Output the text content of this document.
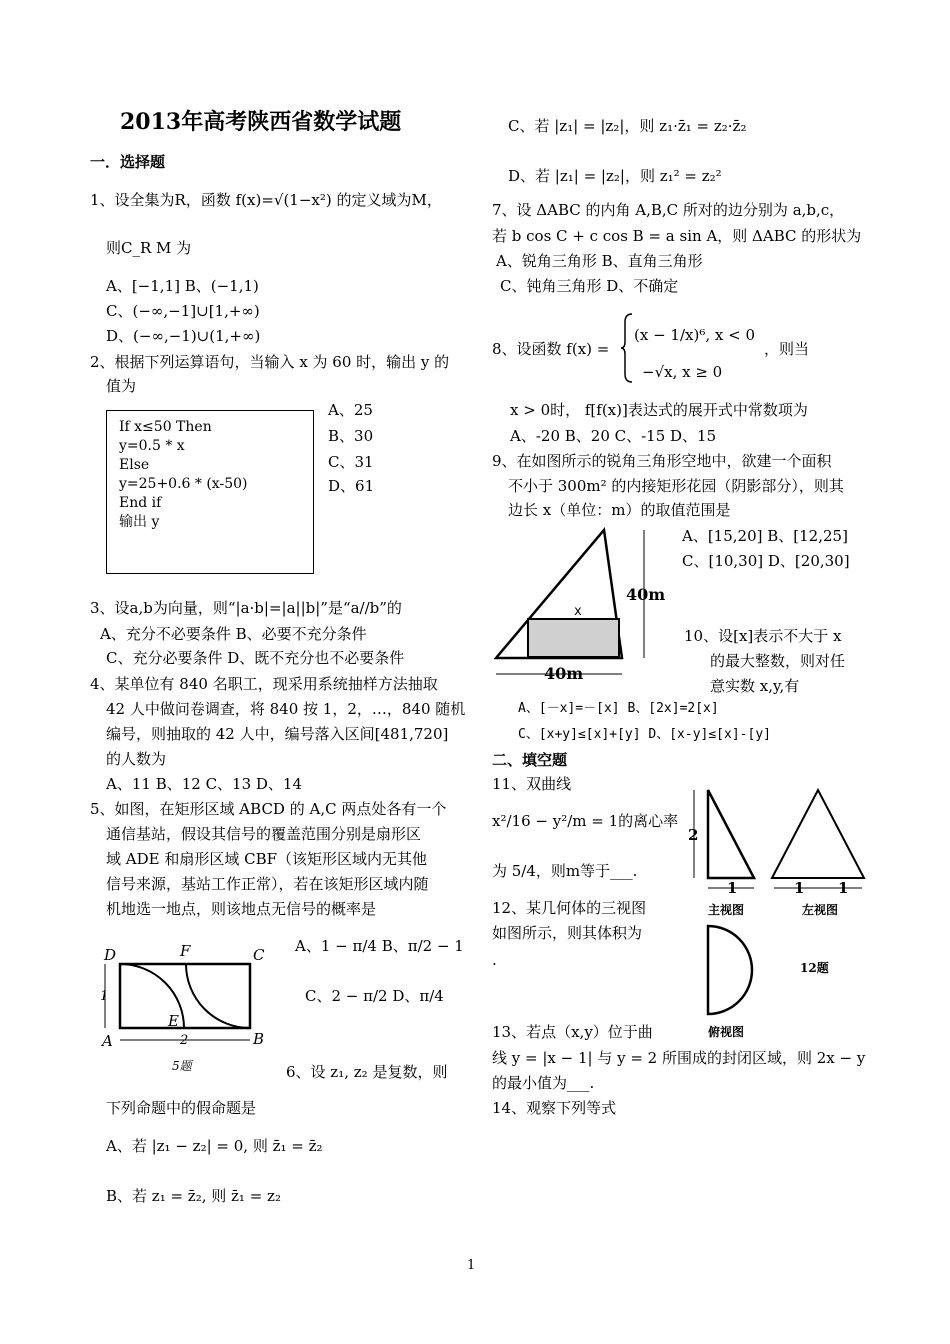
2013年高考陕西省数学试题
一．选择题
1、设全集为R，函数 f(x)=√(1−x²) 的定义域为M，
则C_R M 为
A、[−1,1] B、(−1,1)
C、(−∞,−1]∪[1,+∞)
D、(−∞,−1)∪(1,+∞)
2、根据下列运算语句，当输入 x 为 60 时，输出 y 的
值为
If x≤50 Then
y=0.5 * x
Else
y=25+0.6 * (x-50)
End if
输出 y
A、25
B、30
C、31
D、61
3、设a,b为向量，则“|a·b|=|a||b|”是“a//b”的
A、充分不必要条件 B、必要不充分条件
C、充分必要条件 D、既不充分也不必要条件
4、某单位有 840 名职工，现采用系统抽样方法抽取
42 人中做问卷调查，将 840 按 1，2，…，840 随机
编号，则抽取的 42 人中，编号落入区间[481,720]
的人数为
A、11 B、12 C、13 D、14
5、如图，在矩形区域 ABCD 的 A,C 两点处各有一个
通信基站，假设其信号的覆盖范围分别是扇形区
域 ADE 和扇形区域 CBF（该矩形区域内无其他
信号来源，基站工作正常），若在该矩形区域内随
机地选一地点，则该地点无信号的概率是
D	F	C
A
E
B
1
2
5题
A、1 − π/4 B、π/2 − 1
C、2 − π/2 D、π/4
6、设 z₁, z₂ 是复数，则
下列命题中的假命题是
A、若 |z₁ − z₂| = 0, 则 z̄₁ = z̄₂
B、若 z₁ = z̄₂, 则 z̄₁ = z₂
C、若 |z₁| = |z₂|，则 z₁·z̄₁ = z₂·z̄₂
D、若 |z₁| = |z₂|，则 z₁² = z₂²
7、设 ΔABC 的内角 A,B,C 所对的边分别为 a,b,c，
若 b cos C + c cos B = a sin A，则 ΔABC 的形状为
A、锐角三角形 B、直角三角形
C、钝角三角形 D、不确定
8、设函数 f(x) =
(x − 1/x)⁶, x < 0
−√x, x ≥ 0
，则当
x > 0时， f[f(x)]表达式的展开式中常数项为
A、-20 B、20 C、-15 D、15
9、在如图所示的锐角三角形空地中，欲建一个面积
不小于 300m² 的内接矩形花园（阴影部分），则其
边长 x（单位：m）的取值范围是
A、[15,20] B、[12,25]
C、[10,30] D、[20,30]
x
40m
40m
10、设[x]表示不大于 x
的最大整数，则对任
意实数 x,y,有
A、[－x]=－[x] B、[2x]=2[x]
C、[x+y]≤[x]+[y] D、[x-y]≤[x]-[y]
二、填空题
11、双曲线
x²/16 − y²/m = 1的离心率
为 5/4，则m等于___.
12、某几何体的三视图
如图所示，则其体积为
.
2
1
主视图
1 1
左视图
12题
俯视图
13、若点（x,y）位于曲
线 y = |x − 1| 与 y = 2 所围成的封闭区域，则 2x − y
的最小值为___.
14、观察下列等式
1
